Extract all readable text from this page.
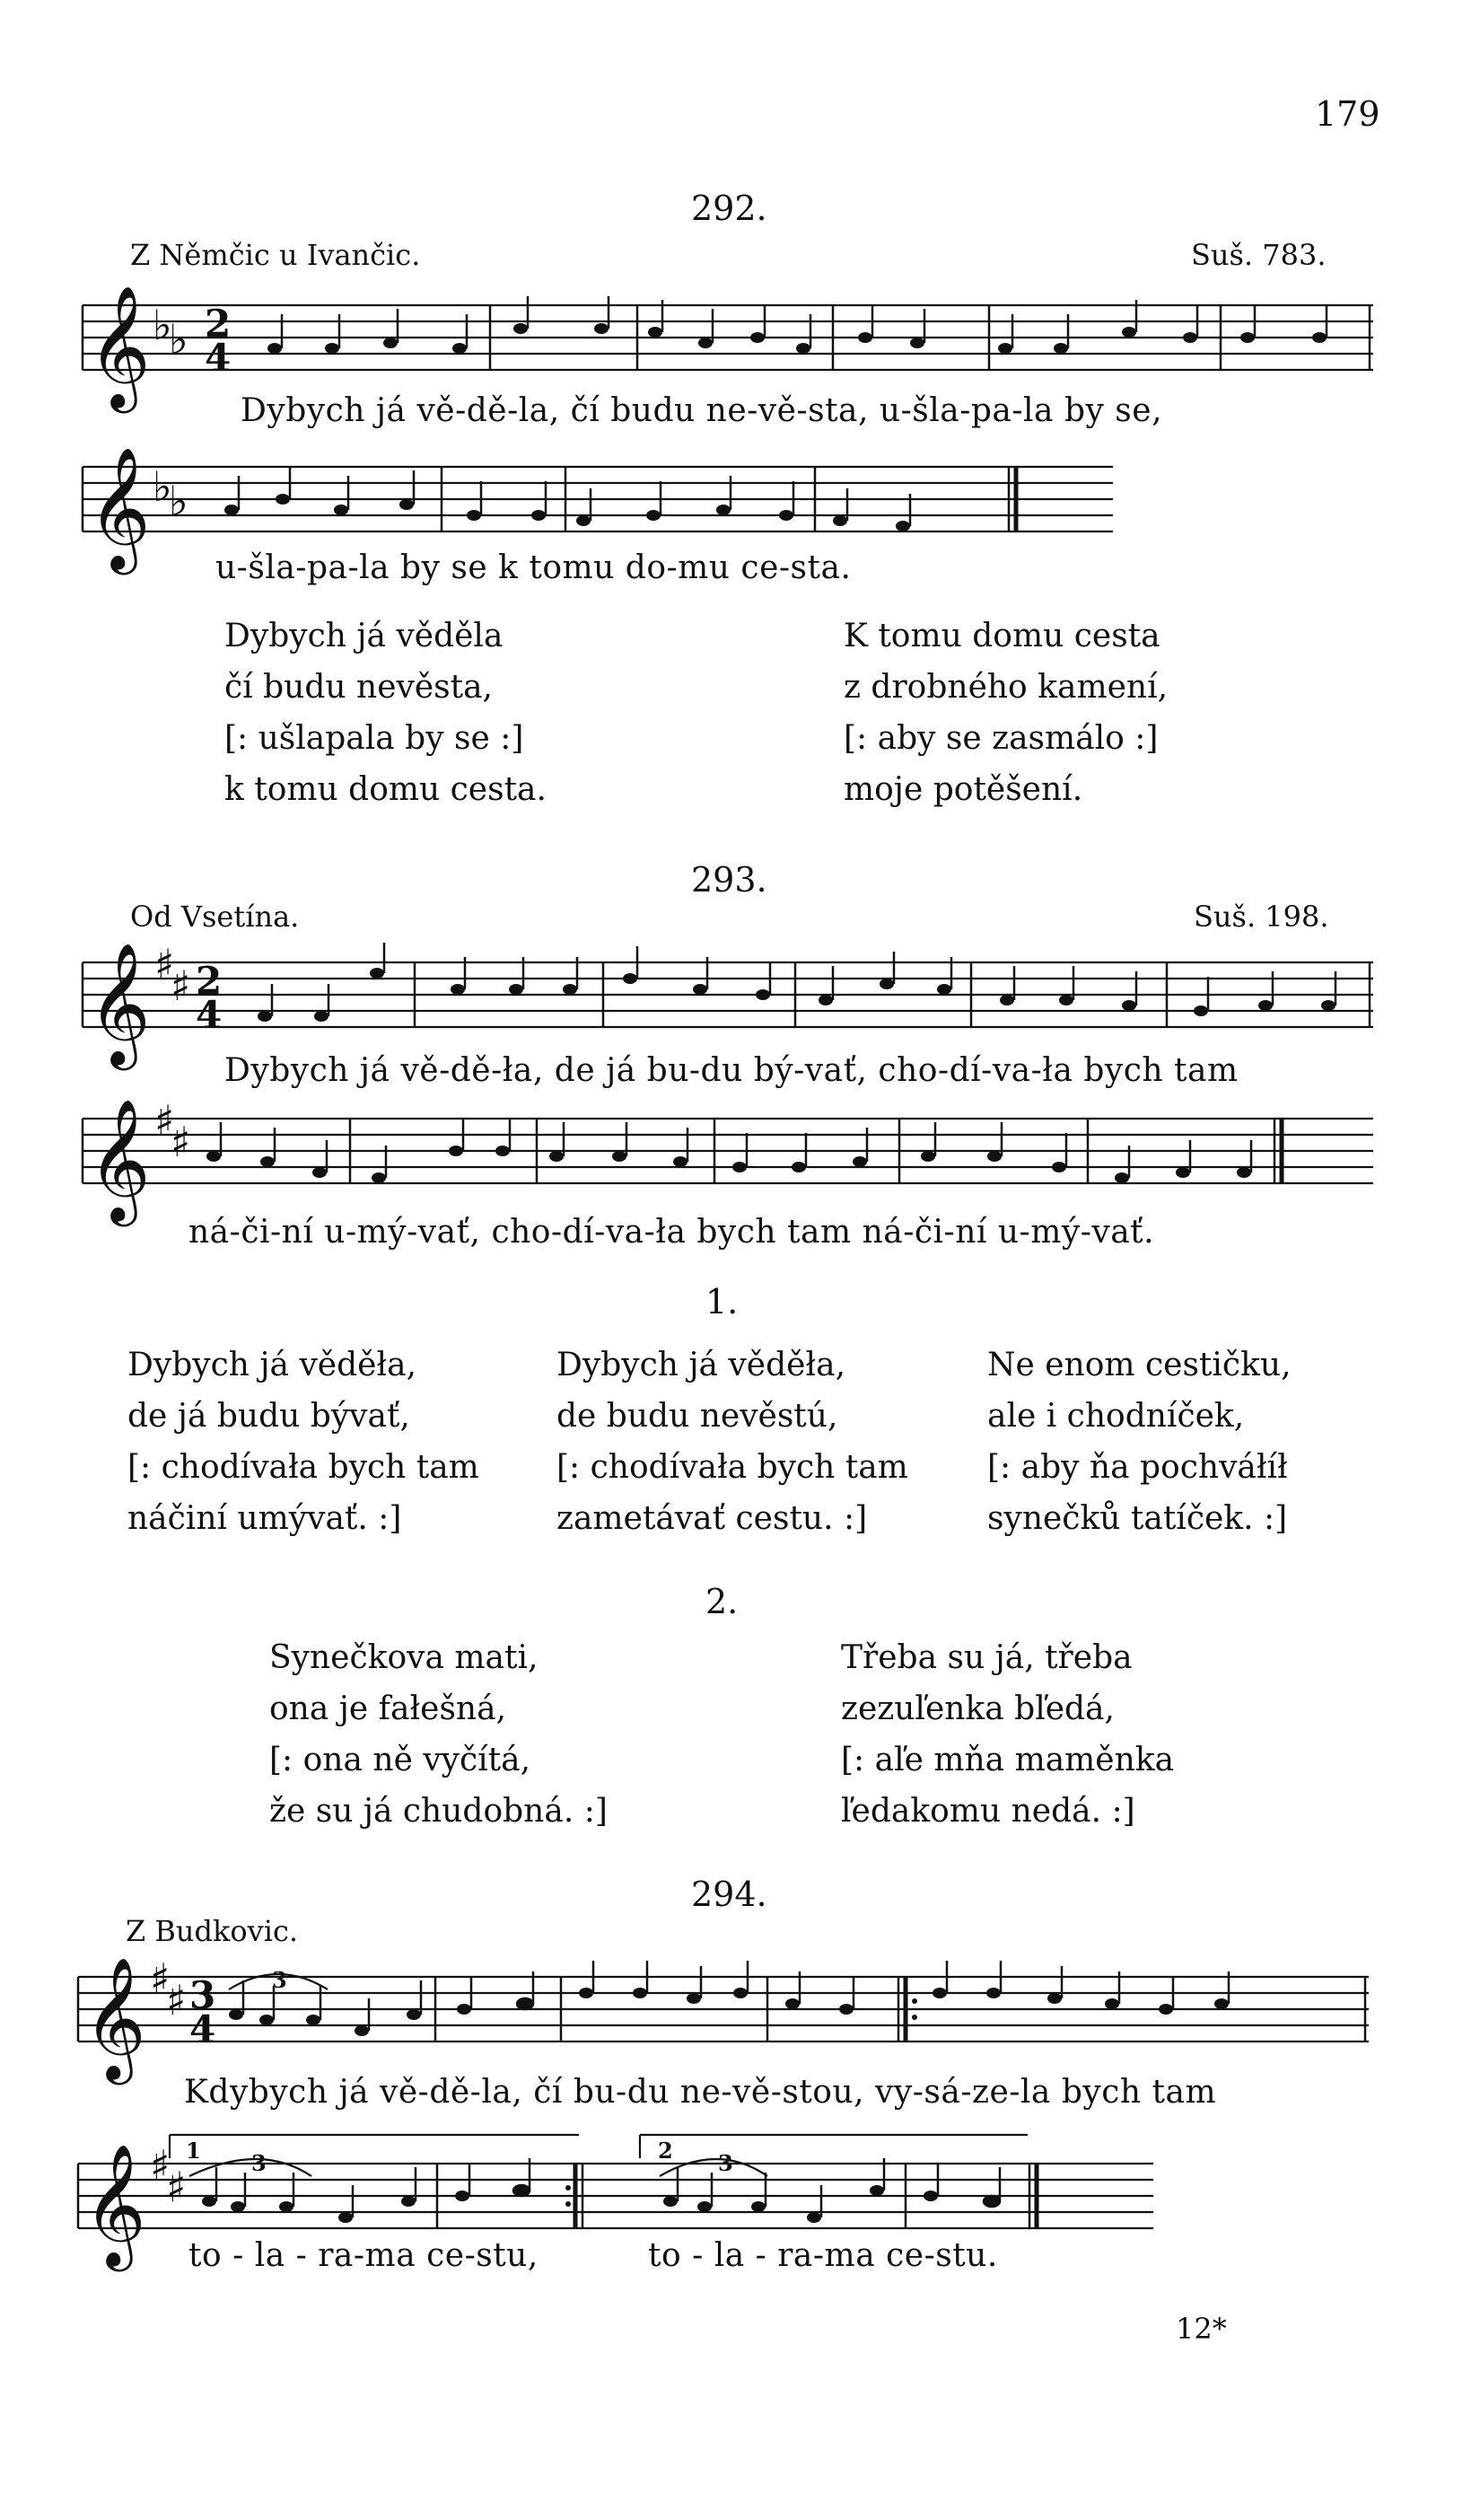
179
292.
Z Němčic u Ivančic.	Suš. 783.
𝄞 ♭
♭ 2
4
Dybych já vě-dě-la, čí budu ne-vě-sta, u-šla-pa-la by se,
𝄞 ♭
♭
u-šla-pa-la by se k tomu do-mu ce-sta.
Dybych já věděla
čí budu nevěsta,
[: ušlapala by se :]
k tomu domu cesta.
K tomu domu cesta
z drobného kamení,
[: aby se zasmálo :]
moje potěšení.
293.
Od Vsetína.	Suš. 198.
𝄞 ♯
♯ 2
4
Dybych já vě-dě-ła, de já bu-du bý-vať, cho-dí-va-ła bych tam
𝄞 ♯
♯
ná-či-ní u-mý-vať, cho-dí-va-ła bych tam ná-či-ní u-mý-vať.
1.
Dybych já věděła,
de já budu bývať,
[: chodívała bych tam
náčiní umývať. :]
Dybych já věděła,
de budu nevěstú,
[: chodívała bych tam
zametávať cestu. :]
Ne enom cestičku,
ale i chodníček,
[: aby ňa pochváłíł
synečků tatíček. :]
2.
Synečkova mati,
ona je fałešná,
[: ona ně vyčítá,
že su já chudobná. :]
Třeba su já, třeba
zezuľenka bľedá,
[: aľe mňa maměnka
ľedakomu nedá. :]
294.
Z Budkovic.
𝄞 ♯
♯ 3
4
3
Kdybych já vě-dě-la, čí bu-du ne-vě-stou, vy-sá-ze-la bych tam
1	2
3	3
𝄞 ♯
♯
to - la - ra-ma ce-stu,	to - la - ra-ma ce-stu.
12*
